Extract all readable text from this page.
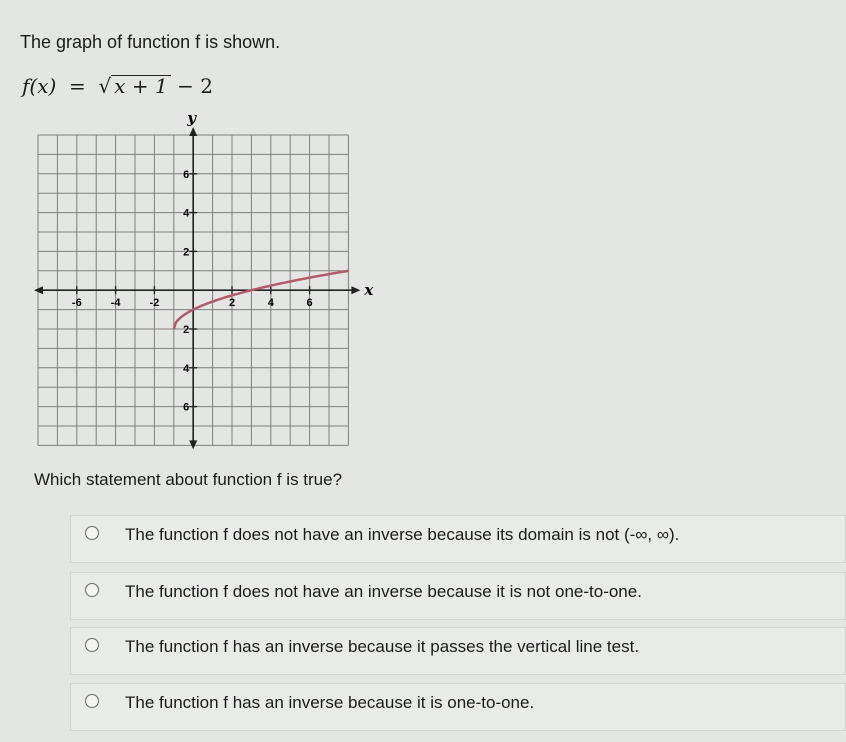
The graph of function f is shown.
f(x) = √ x + 1 − 2
x
y
-6	-4	-2	2	4	6
6
4
2
2
4
6
Which statement about function f is true?
The function f does not have an inverse because its domain is not (-∞, ∞).
The function f does not have an inverse because it is not one-to-one.
The function f has an inverse because it passes the vertical line test.
The function f has an inverse because it is one-to-one.
